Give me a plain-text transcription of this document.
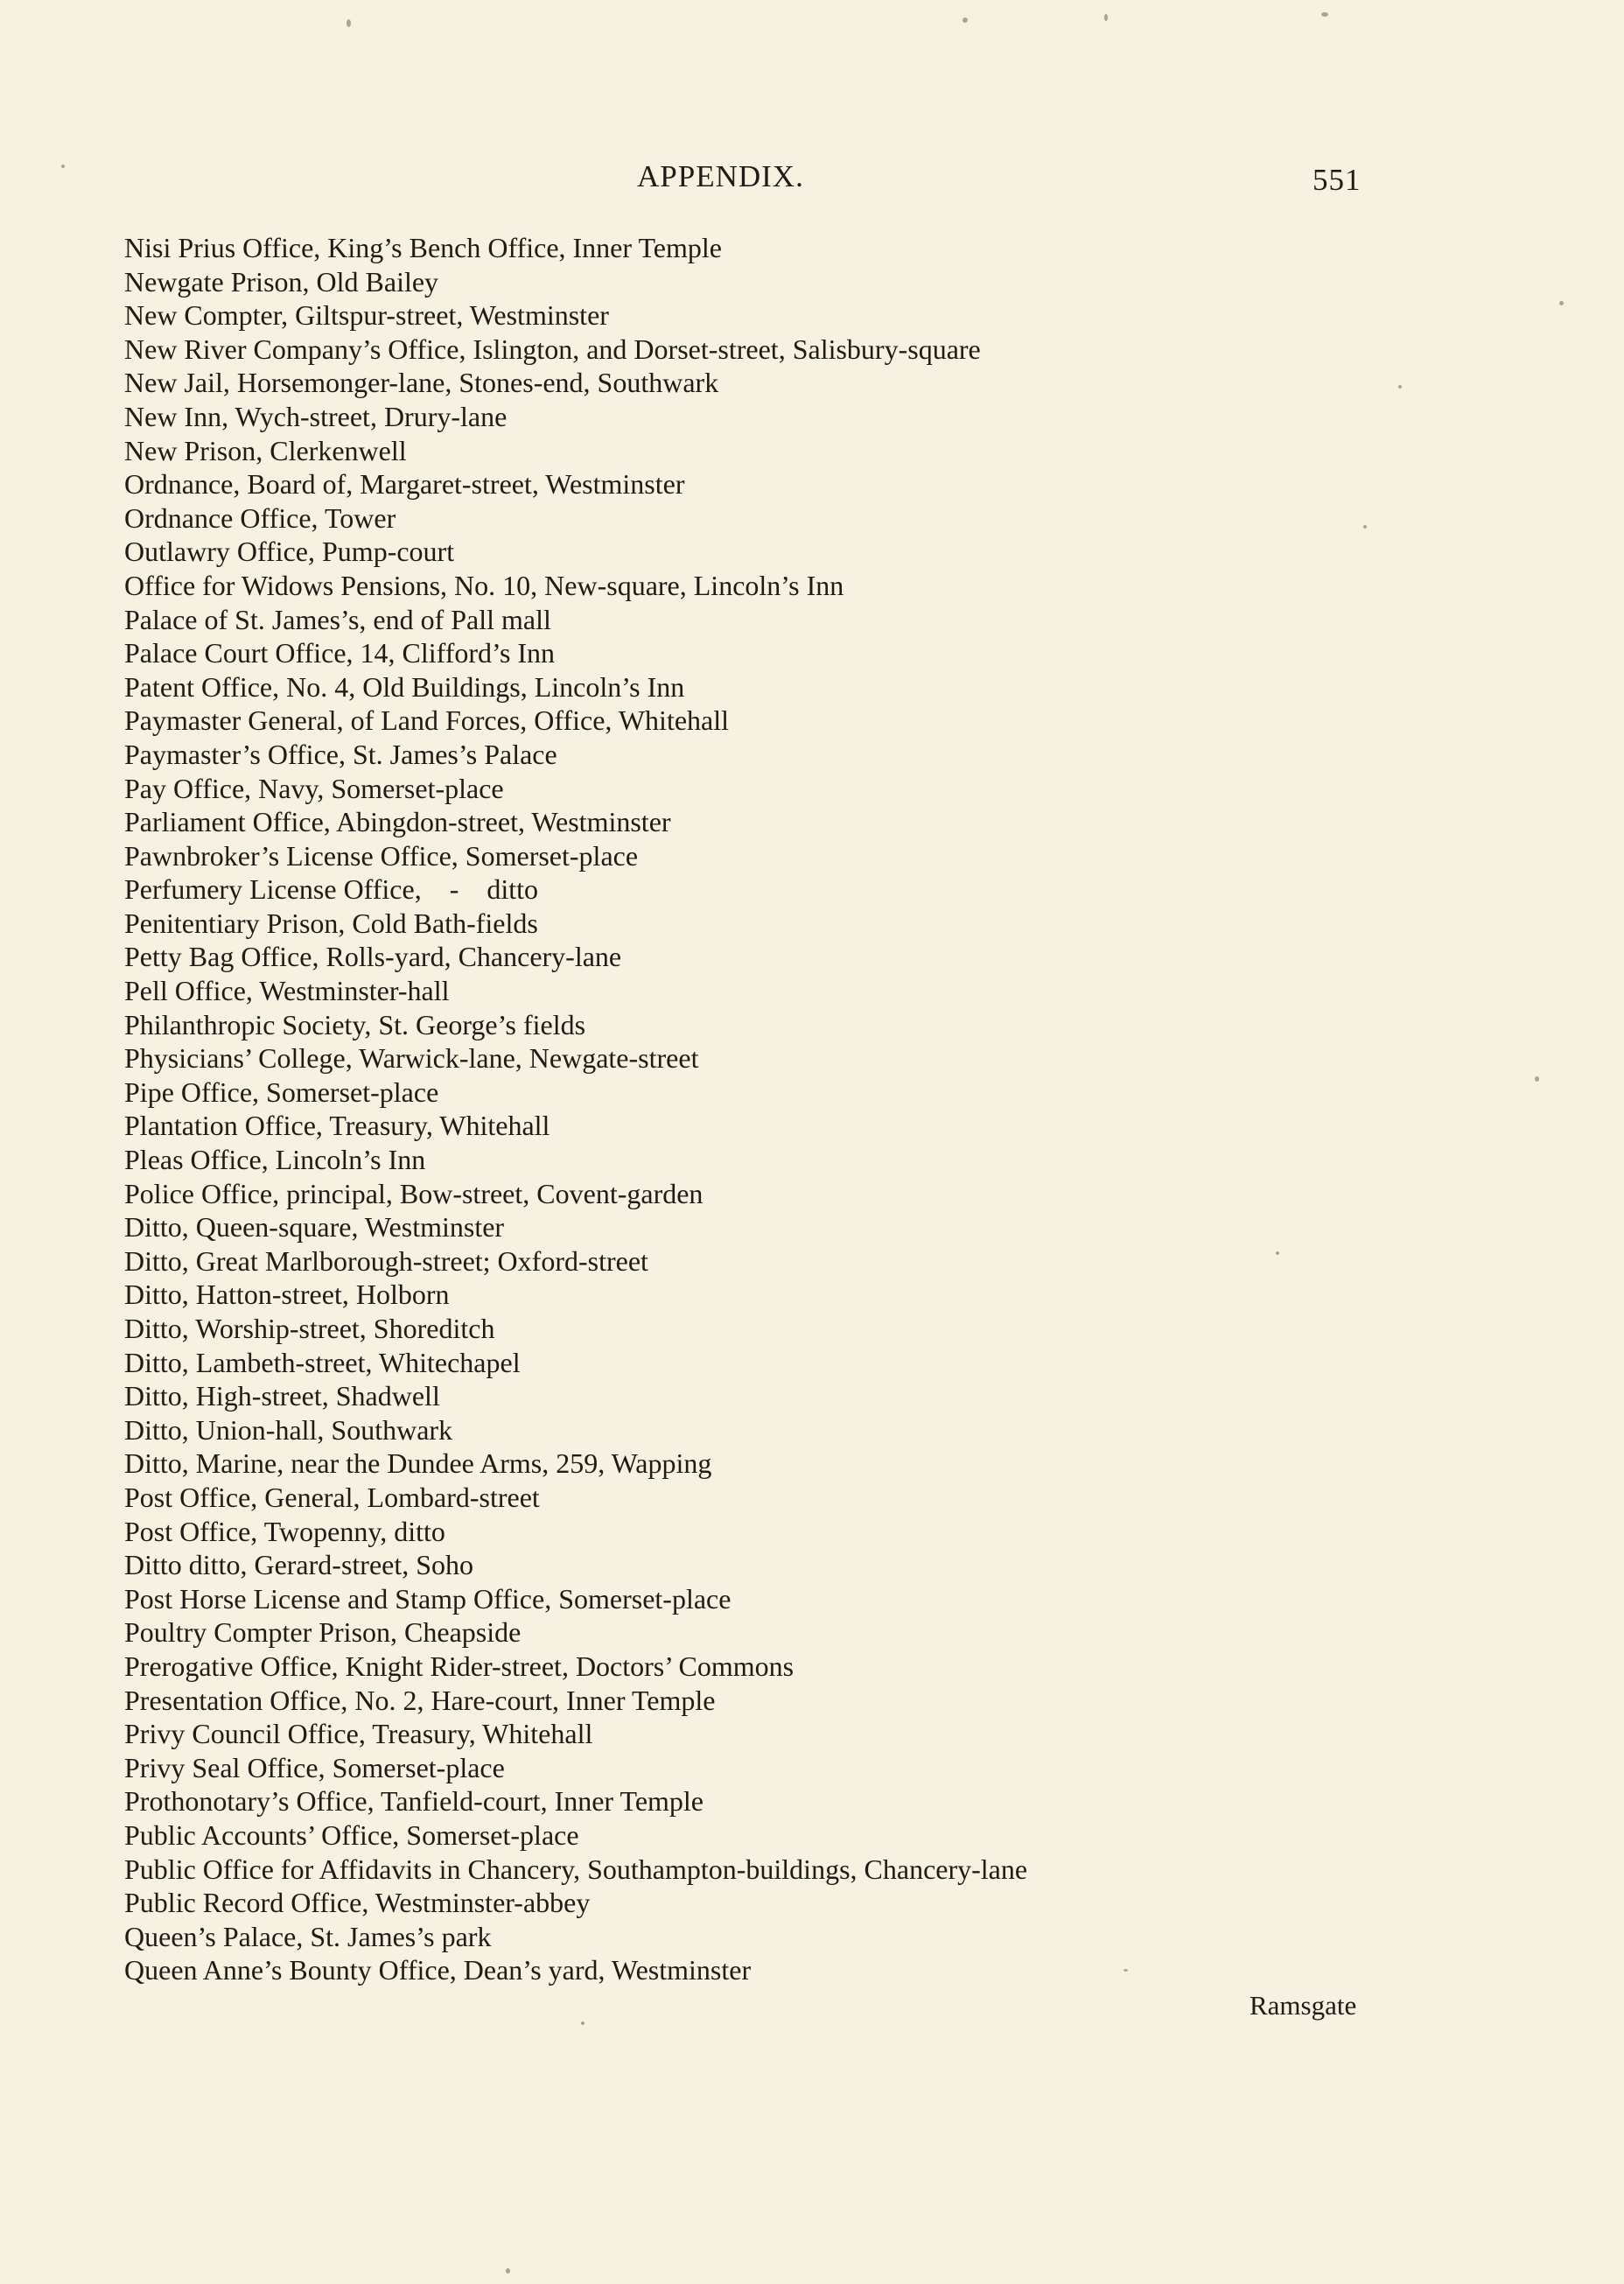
APPENDIX.	551
Nisi Prius Office, King’s Bench Office, Inner Temple
Newgate Prison, Old Bailey
New Compter, Giltspur-street, Westminster
New River Company’s Office, Islington, and Dorset-street, Salisbury-square
New Jail, Horsemonger-lane, Stones-end, Southwark
New Inn, Wych-street, Drury-lane
New Prison, Clerkenwell
Ordnance, Board of, Margaret-street, Westminster
Ordnance Office, Tower
Outlawry Office, Pump-court
Office for Widows Pensions, No. 10, New-square, Lincoln’s Inn
Palace of St. James’s, end of Pall mall
Palace Court Office, 14, Clifford’s Inn
Patent Office, No. 4, Old Buildings, Lincoln’s Inn
Paymaster General, of Land Forces, Office, Whitehall
Paymaster’s Office, St. James’s Palace
Pay Office, Navy, Somerset-place
Parliament Office, Abingdon-street, Westminster
Pawnbroker’s License Office, Somerset-place
Perfumery License Office,    -    ditto
Penitentiary Prison, Cold Bath-fields
Petty Bag Office, Rolls-yard, Chancery-lane
Pell Office, Westminster-hall
Philanthropic Society, St. George’s fields
Physicians’ College, Warwick-lane, Newgate-street
Pipe Office, Somerset-place
Plantation Office, Treasury, Whitehall
Pleas Office, Lincoln’s Inn
Police Office, principal, Bow-street, Covent-garden
Ditto, Queen-square, Westminster
Ditto, Great Marlborough-street; Oxford-street
Ditto, Hatton-street, Holborn
Ditto, Worship-street, Shoreditch
Ditto, Lambeth-street, Whitechapel
Ditto, High-street, Shadwell
Ditto, Union-hall, Southwark
Ditto, Marine, near the Dundee Arms, 259, Wapping
Post Office, General, Lombard-street
Post Office, Twopenny, ditto
Ditto ditto, Gerard-street, Soho
Post Horse License and Stamp Office, Somerset-place
Poultry Compter Prison, Cheapside
Prerogative Office, Knight Rider-street, Doctors’ Commons
Presentation Office, No. 2, Hare-court, Inner Temple
Privy Council Office, Treasury, Whitehall
Privy Seal Office, Somerset-place
Prothonotary’s Office, Tanfield-court, Inner Temple
Public Accounts’ Office, Somerset-place
Public Office for Affidavits in Chancery, Southampton-buildings, Chancery-lane
Public Record Office, Westminster-abbey
Queen’s Palace, St. James’s park
Queen Anne’s Bounty Office, Dean’s yard, Westminster
Ramsgate
